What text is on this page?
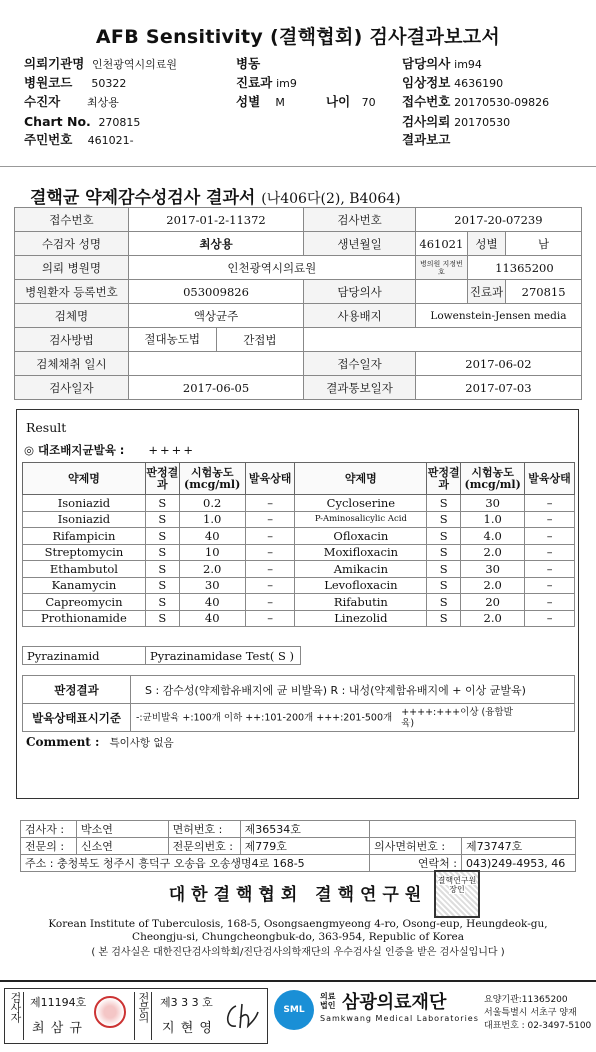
AFB Sensitivity (결핵협회) 검사결과보고서
의뢰기관명 인천광역시의료원	병동	담당의사 im94
병원코드 50322	진료과 im9	임상정보 4636190
수진자 최상용	성별 M	나이 70 접수번호 20170530-09826
Chart No. 270815	검사의뢰 20170530
주민번호 461021-	결과보고
결핵균 약제감수성검사 결과서 (나406다(2), B4064)
접수번호	2017-01-2-11372	검사번호	2017-20-07239		
수검자 성명	최상용	생년월일	461021	성별	남
의뢰 병원명	인천광역시의료원		병의원 지정번호	11365200	
병원환자 등록번호	053009826	담당의사		진료과	270815
검체명	액상균주	사용배지	Lowenstein-Jensen media		
검사방법	절대농도법 간접법				

검체채취 일시		접수일자	2017-06-02		
검사일자	2017-06-05	결과통보일자	2017-07-03		
Result
◎ 대조배지균발육 : ++++
약제명	판정결과	시험농도(mcg/ml)	발육상태	약제명	판정결과	시험농도(mcg/ml)	발육상태
Isoniazid	S	0.2	–	Cycloserine	S	30	–
Isoniazid	S	1.0	–	P-Aminosalicylic Acid	S	1.0	–
Rifampicin	S	40	–	Ofloxacin	S	4.0	–
Streptomycin	S	10	–	Moxifloxacin	S	2.0	–
Ethambutol	S	2.0	–	Amikacin	S	30	–
Kanamycin	S	30	–	Levofloxacin	S	2.0	–
Capreomycin	S	40	–	Rifabutin	S	20	–
Prothionamide	S	40	–	Linezolid	S	2.0	–
Pyrazinamid	Pyrazinamidase Test( S )
판정결과	S : 감수성(약제함유배지에 균 비발육) R : 내성(약제함유배지에 + 이상 균발육)
발육상태표시기준	-:균비발육 +:100개 이하 ++:101-200개 +++:201-500개 ++++:+++이상 (융합발육)
Comment : 특이사항 없음
검사자 :	박소연	면허번호 :	제36534호		
전문의 :	신소연	전문의번호 :	제779호	의사면허번호 :	제73747호
주소 : 충청북도 청주시 흥덕구 오송읍 오송생명4로 168-5				연락처 :	043)249-4953, 46
대한결핵협회 결핵연구원
결핵연구원장인
Korean Institute of Tuberculosis, 168-5, Osongsaengmyeong 4-ro, Osong-eup, Heungdeok-gu,
Cheongju-si, Chungcheongbuk-do, 363-954, Republic of Korea
( 본 검사실은 대한진단검사의학회/진단검사의학재단의 우수검사실 인증을 받은 검사실입니다 )
검사자 제11194호
최 삼 규
전문의 제3 3 3 호
지 현 영
SML
의료법인 삼광의료재단
Samkwang Medical Laboratories
요양기관:11365200
서울특별시 서초구 양재
대표번호 : 02-3497-5100
